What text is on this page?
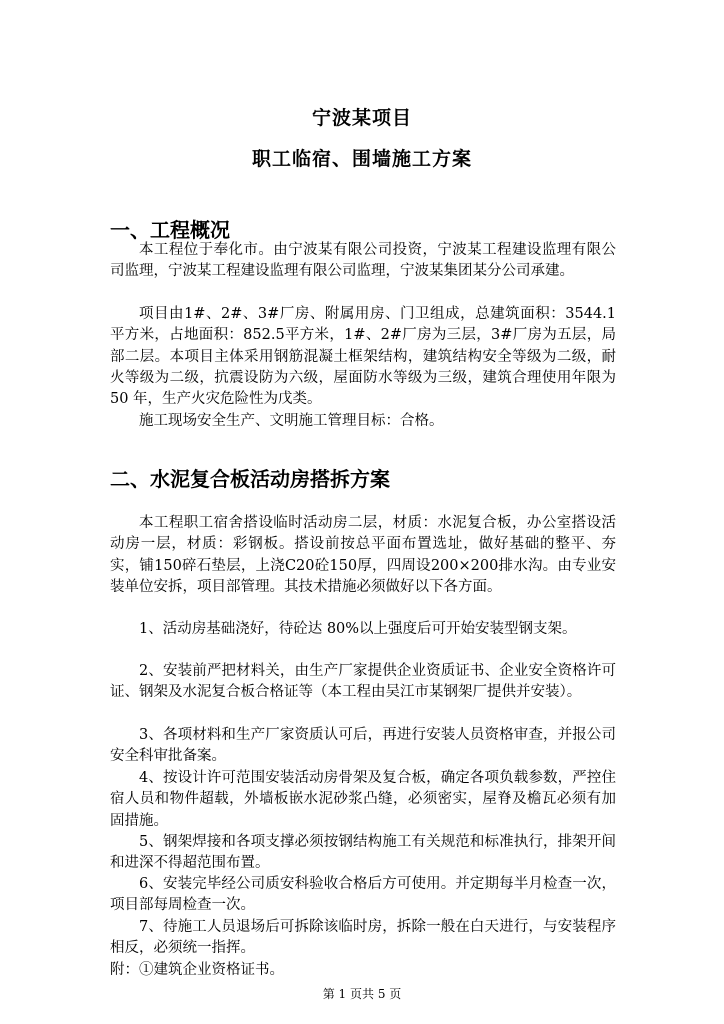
宁波某项目
职工临宿、围墙施工方案
一、工程概况

本工程位于奉化市。由宁波某有限公司投资，宁波某工程建设监理有限公司监理，宁波某工程建设监理有限公司监理，宁波某集团某分公司承建。

项目由1#、2#、3#厂房、附属用房、门卫组成，总建筑面积：3544.1平方米，占地面积：852.5平方米，1#、2#厂房为三层，3#厂房为五层，局部二层。本项目主体采用钢筋混凝土框架结构，建筑结构安全等级为二级，耐火等级为二级，抗震设防为六级，屋面防水等级为三级，建筑合理使用年限为50 年，生产火灾危险性为戊类。

施工现场安全生产、文明施工管理目标：合格。

二、水泥复合板活动房搭拆方案

本工程职工宿舍搭设临时活动房二层，材质：水泥复合板，办公室搭设活动房一层，材质：彩钢板。搭设前按总平面布置选址，做好基础的整平、夯实，铺150碎石垫层，上浇C20砼150厚，四周设200×200排水沟。由专业安装单位安拆，项目部管理。其技术措施必须做好以下各方面。

1、活动房基础浇好，待砼达 80%以上强度后可开始安装型钢支架。

2、安装前严把材料关，由生产厂家提供企业资质证书、企业安全资格许可证、钢架及水泥复合板合格证等（本工程由吴江市某钢架厂提供并安装）。

3、各项材料和生产厂家资质认可后，再进行安装人员资格审查，并报公司安全科审批备案。

4、按设计许可范围安装活动房骨架及复合板，确定各项负载参数，严控住宿人员和物件超载，外墙板嵌水泥砂浆凸缝，必须密实，屋脊及檐瓦必须有加固措施。

5、钢架焊接和各项支撑必须按钢结构施工有关规范和标准执行，排架开间和进深不得超范围布置。

6、安装完毕经公司质安科验收合格后方可使用。并定期每半月检查一次，项目部每周检查一次。

7、待施工人员退场后可拆除该临时房，拆除一般在白天进行，与安装程序相反，必须统一指挥。

附：①建筑企业资格证书。

第 1 页共 5 页
